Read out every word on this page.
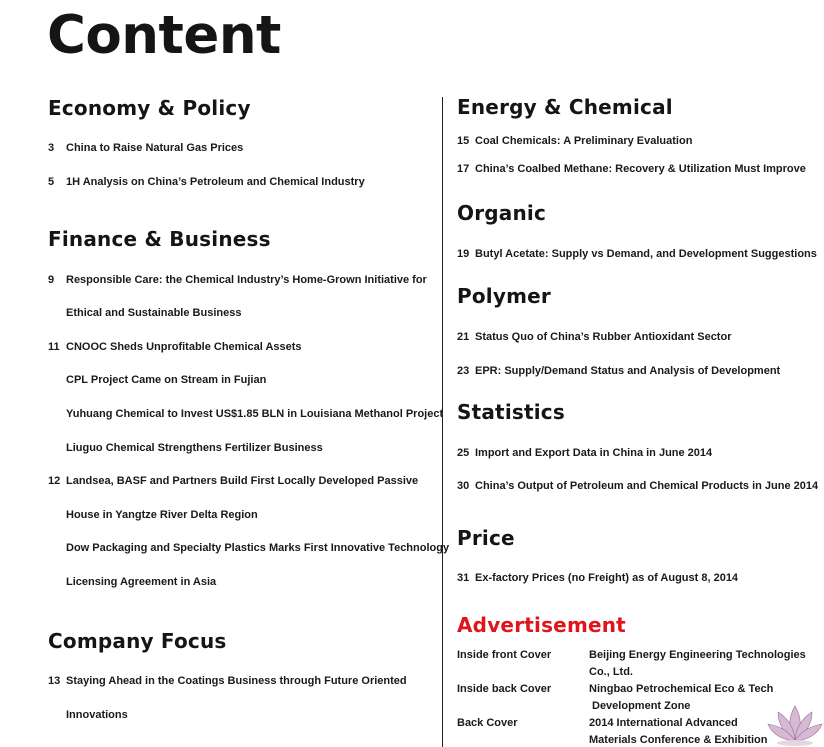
Content
Economy & Policy
3 China to Raise Natural Gas Prices
5 1H Analysis on China’s Petroleum and Chemical Industry
Finance & Business
9 Responsible Care: the Chemical Industry’s Home-Grown Initiative for
Ethical and Sustainable Business
11 CNOOC Sheds Unprofitable Chemical Assets
CPL Project Came on Stream in Fujian
Yuhuang Chemical to Invest US$1.85 BLN in Louisiana Methanol Project
Liuguo Chemical Strengthens Fertilizer Business
12 Landsea, BASF and Partners Build First Locally Developed Passive
House in Yangtze River Delta Region
Dow Packaging and Specialty Plastics Marks First Innovative Technology
Licensing Agreement in Asia
Company Focus
13 Staying Ahead in the Coatings Business through Future Oriented
Innovations
Energy & Chemical
15 Coal Chemicals: A Preliminary Evaluation
17 China’s Coalbed Methane: Recovery & Utilization Must Improve
Organic
19 Butyl Acetate: Supply vs Demand, and Development Suggestions
Polymer
21 Status Quo of China’s Rubber Antioxidant Sector
23 EPR: Supply/Demand Status and Analysis of Development
Statistics
25 Import and Export Data in China in June 2014
30 China’s Output of Petroleum and Chemical Products in June 2014
Price
31 Ex-factory Prices (no Freight) as of August 8, 2014
Advertisement
Inside front Cover	Beijing Energy Engineering Technologies
Co., Ltd.
Inside back Cover	Ningbao Petrochemical Eco & Tech
Development Zone
Back Cover	2014 International Advanced
Materials Conference & Exhibition
